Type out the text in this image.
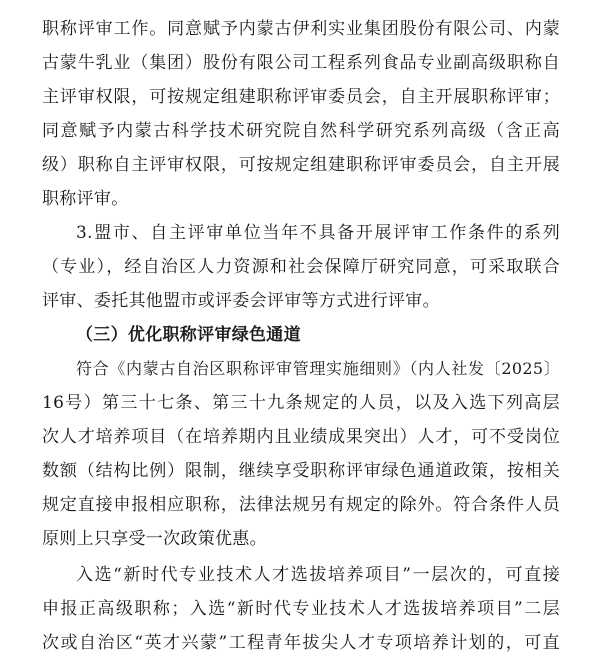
职称评审工作。同意赋予内蒙古伊利实业集团股份有限公司、内蒙
古蒙牛乳业（集团）股份有限公司工程系列食品专业副高级职称自
主评审权限，可按规定组建职称评审委员会，自主开展职称评审；
同意赋予内蒙古科学技术研究院自然科学研究系列高级（含正高
级）职称自主评审权限，可按规定组建职称评审委员会，自主开展
职称评审。
3.盟市、自主评审单位当年不具备开展评审工作条件的系列
（专业），经自治区人力资源和社会保障厅研究同意，可采取联合
评审、委托其他盟市或评委会评审等方式进行评审。
（三）优化职称评审绿色通道
符合《内蒙古自治区职称评审管理实施细则》（内人社发〔2025〕
16号）第三十七条、第三十九条规定的人员，以及入选下列高层
次人才培养项目（在培养期内且业绩成果突出）人才，可不受岗位
数额（结构比例）限制，继续享受职称评审绿色通道政策，按相关
规定直接申报相应职称，法律法规另有规定的除外。符合条件人员
原则上只享受一次政策优惠。
入选“新时代专业技术人才选拔培养项目”一层次的，可直接
申报正高级职称；入选“新时代专业技术人才选拔培养项目”二层
次或自治区“英才兴蒙”工程青年拔尖人才专项培养计划的，可直
